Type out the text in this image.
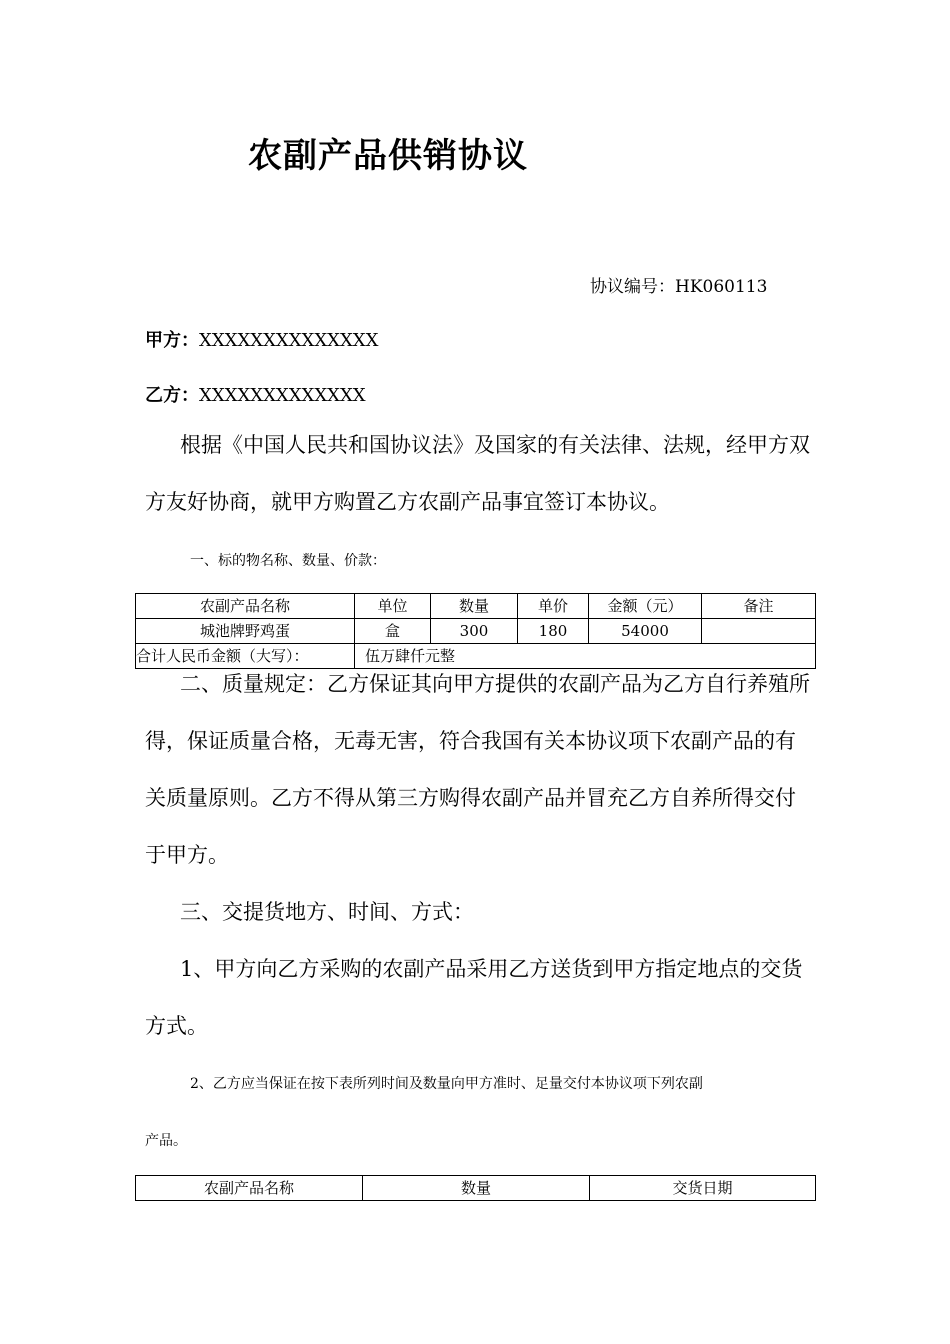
农副产品供销协议
协议编号：HK060113
甲方：XXXXXXXXXXXXXX
乙方：XXXXXXXXXXXXX
根据《中国人民共和国协议法》及国家的有关法律、法规，经甲方双方友好协商，就甲方购置乙方农副产品事宜签订本协议。
一、标的物名称、数量、价款：
农副产品名称	单位	数量	单价	金额（元）	备注
城池牌野鸡蛋	盒	300	180	54000	
合计人民币金额（大写）：	伍万肆仟元整				
二、质量规定：乙方保证其向甲方提供的农副产品为乙方自行养殖所得，保证质量合格，无毒无害，符合我国有关本协议项下农副产品的有关质量原则。乙方不得从第三方购得农副产品并冒充乙方自养所得交付于甲方。
三、交提货地方、时间、方式：
1、甲方向乙方采购的农副产品采用乙方送货到甲方指定地点的交货方式。
2、乙方应当保证在按下表所列时间及数量向甲方准时、足量交付本协议项下列农副
产品。
农副产品名称	数量	交货日期
